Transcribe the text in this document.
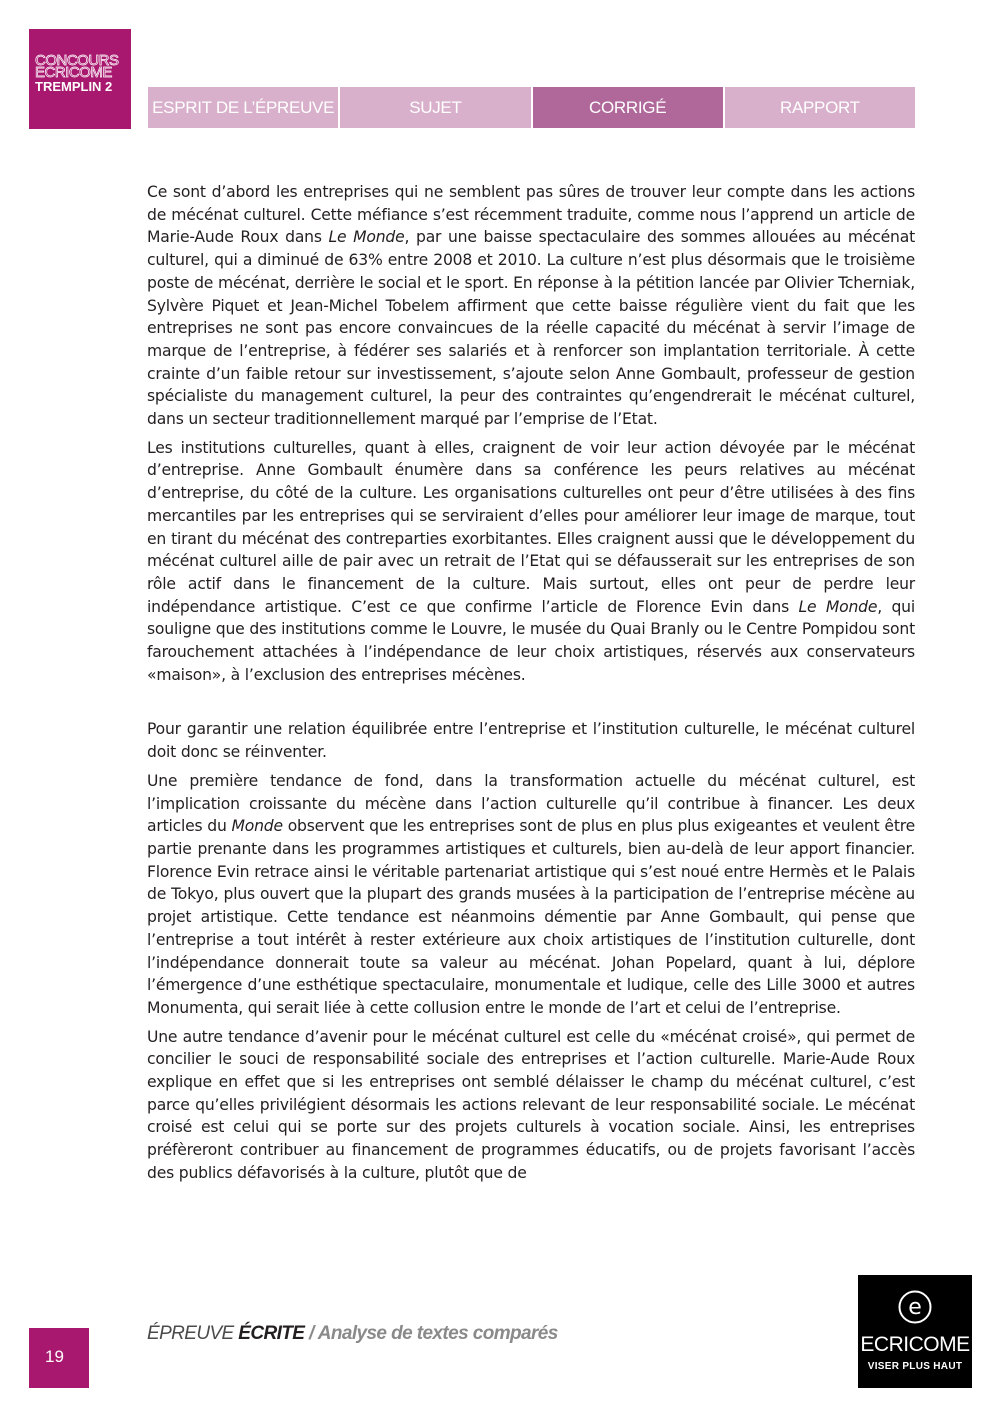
CONCOURS
ECRICOME
TREMPLIN 2
ESPRIT DE L’ÉPREUVE	SUJET	CORRIGÉ	RAPPORT

Ce sont d’abord les entreprises qui ne semblent pas sûres de trouver leur compte dans les actions de mécénat culturel. Cette méfiance s’est récemment traduite, comme nous l’apprend un article de Marie-Aude Roux dans Le Monde, par une baisse spectaculaire des sommes allouées au mécénat culturel, qui a diminué de 63% entre 2008 et 2010. La culture n’est plus désormais que le troisième poste de mécénat, derrière le social et le sport. En réponse à la pétition lancée par Olivier Tcherniak, Sylvère Piquet et Jean-Michel Tobelem affirment que cette baisse régulière vient du fait que les entreprises ne sont pas encore convaincues de la réelle capacité du mécénat à servir l’image de marque de l’entreprise, à fédérer ses salariés et à renforcer son implantation territoriale. À cette crainte d’un faible retour sur investissement, s’ajoute selon Anne Gombault, professeur de gestion spécialiste du management culturel, la peur des contraintes qu’engendrerait le mécénat culturel, dans un secteur traditionnellement marqué par l’emprise de l’Etat.

Les institutions culturelles, quant à elles, craignent de voir leur action dévoyée par le mécénat d’entreprise. Anne Gombault énumère dans sa conférence les peurs relatives au mécénat d’entreprise, du côté de la culture. Les organisations culturelles ont peur d’être utilisées à des fins mercantiles par les entreprises qui se serviraient d’elles pour améliorer leur image de marque, tout en tirant du mécénat des contreparties exorbitantes. Elles craignent aussi que le développement du mécénat culturel aille de pair avec un retrait de l’Etat qui se défausserait sur les entreprises de son rôle actif dans le financement de la culture. Mais surtout, elles ont peur de perdre leur indépendance artistique. C’est ce que confirme l’article de Florence Evin dans Le Monde, qui souligne que des institutions comme le Louvre, le musée du Quai Branly ou le Centre Pompidou sont farouchement attachées à l’indépendance de leur choix artistiques, réservés aux conservateurs «maison», à l’exclusion des entreprises mécènes.

Pour garantir une relation équilibrée entre l’entreprise et l’institution culturelle, le mécénat culturel doit donc se réinventer.

Une première tendance de fond, dans la transformation actuelle du mécénat culturel, est l’implication croissante du mécène dans l’action culturelle qu’il contribue à financer. Les deux articles du Monde observent que les entreprises sont de plus en plus plus exigeantes et veulent être partie prenante dans les programmes artistiques et culturels, bien au-delà de leur apport financier. Florence Evin retrace ainsi le véritable partenariat artistique qui s’est noué entre Hermès et le Palais de Tokyo, plus ouvert que la plupart des grands musées à la participation de l’entreprise mécène au projet artistique. Cette tendance est néanmoins démentie par Anne Gombault, qui pense que l’entreprise a tout intérêt à rester extérieure aux choix artistiques de l’institution culturelle, dont l’indépendance donnerait toute sa valeur au mécénat. Johan Popelard, quant à lui, déplore l’émergence d’une esthétique spectaculaire, monumentale et ludique, celle des Lille 3000 et autres Monumenta, qui serait liée à cette collusion entre le monde de l’art et celui de l’entreprise.

Une autre tendance d’avenir pour le mécénat culturel est celle du «mécénat croisé», qui permet de concilier le souci de responsabilité sociale des entreprises et l’action culturelle. Marie-Aude Roux explique en effet que si les entreprises ont semblé délaisser le champ du mécénat culturel, c’est parce qu’elles privilégient désormais les actions relevant de leur responsabilité sociale. Le mécénat croisé est celui qui se porte sur des projets culturels à vocation sociale. Ainsi, les entreprises préfèreront contribuer au financement de programmes éducatifs, ou de projets favorisant l’accès des publics défavorisés à la culture, plutôt que de

19
ÉPREUVE ÉCRITE / Analyse de textes comparés
e
ECRICOME
VISER PLUS HAUT
